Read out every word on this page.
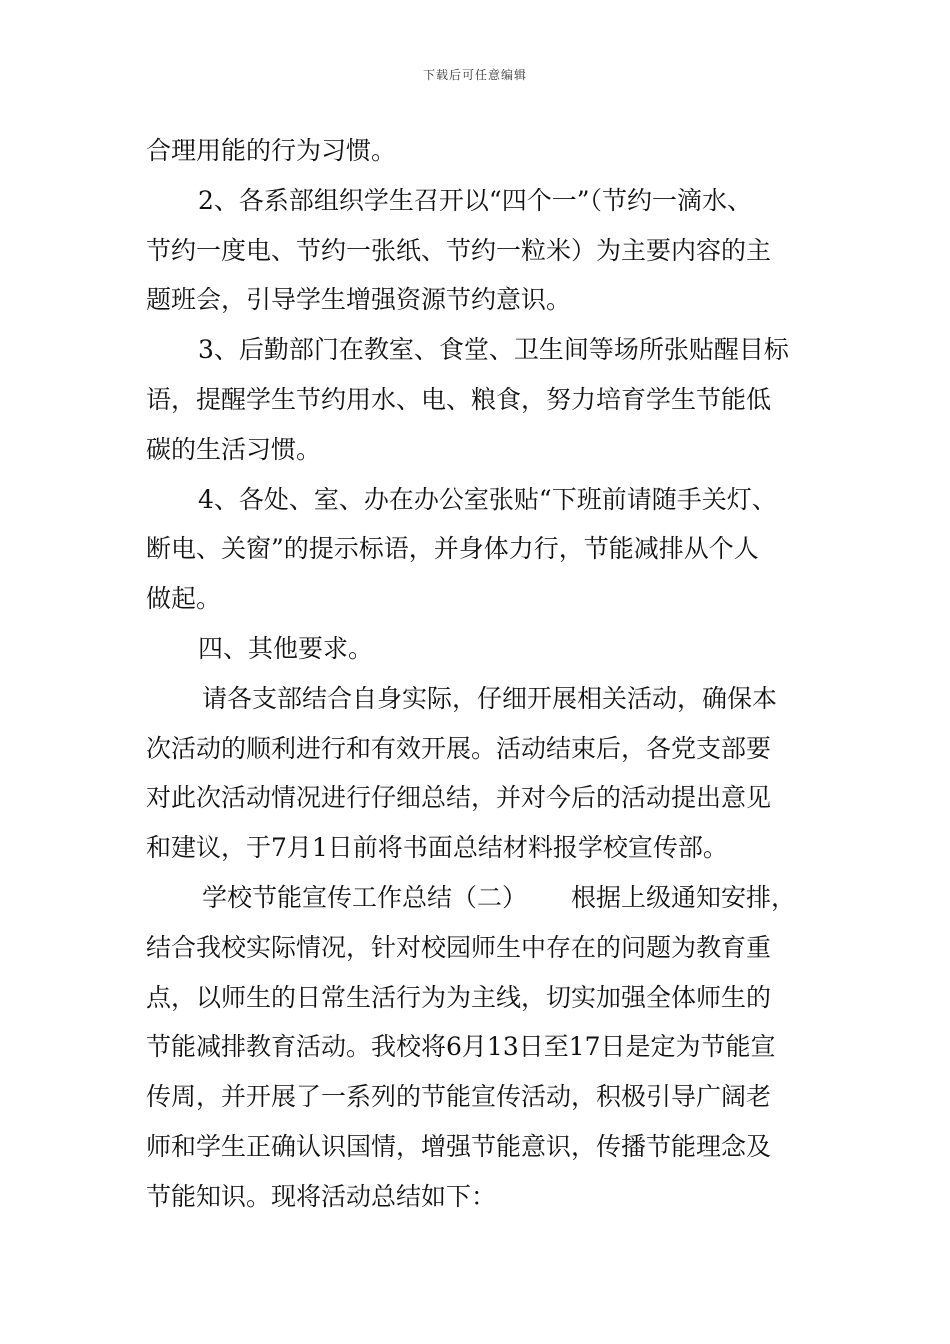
下载后可任意编辑
合理用能的行为习惯。
2、各系部组织学生召开以“四个一”（节约一滴水、
节约一度电、节约一张纸、节约一粒米）为主要内容的主
题班会，引导学生增强资源节约意识。
3、后勤部门在教室、食堂、卫生间等场所张贴醒目标
语，提醒学生节约用水、电、粮食，努力培育学生节能低
碳的生活习惯。
4、各处、室、办在办公室张贴“下班前请随手关灯、
断电、关窗”的提示标语，并身体力行，节能减排从个人
做起。
四、其他要求。
请各支部结合自身实际，仔细开展相关活动，确保本
次活动的顺利进行和有效开展。活动结束后，各党支部要
对此次活动情况进行仔细总结，并对今后的活动提出意见
和建议，于7月1日前将书面总结材料报学校宣传部。
学校节能宣传工作总结（二） 根据上级通知安排，
结合我校实际情况，针对校园师生中存在的问题为教育重
点，以师生的日常生活行为为主线，切实加强全体师生的
节能减排教育活动。我校将6月13日至17日是定为节能宣
传周，并开展了一系列的节能宣传活动，积极引导广阔老
师和学生正确认识国情，增强节能意识，传播节能理念及
节能知识。现将活动总结如下：
